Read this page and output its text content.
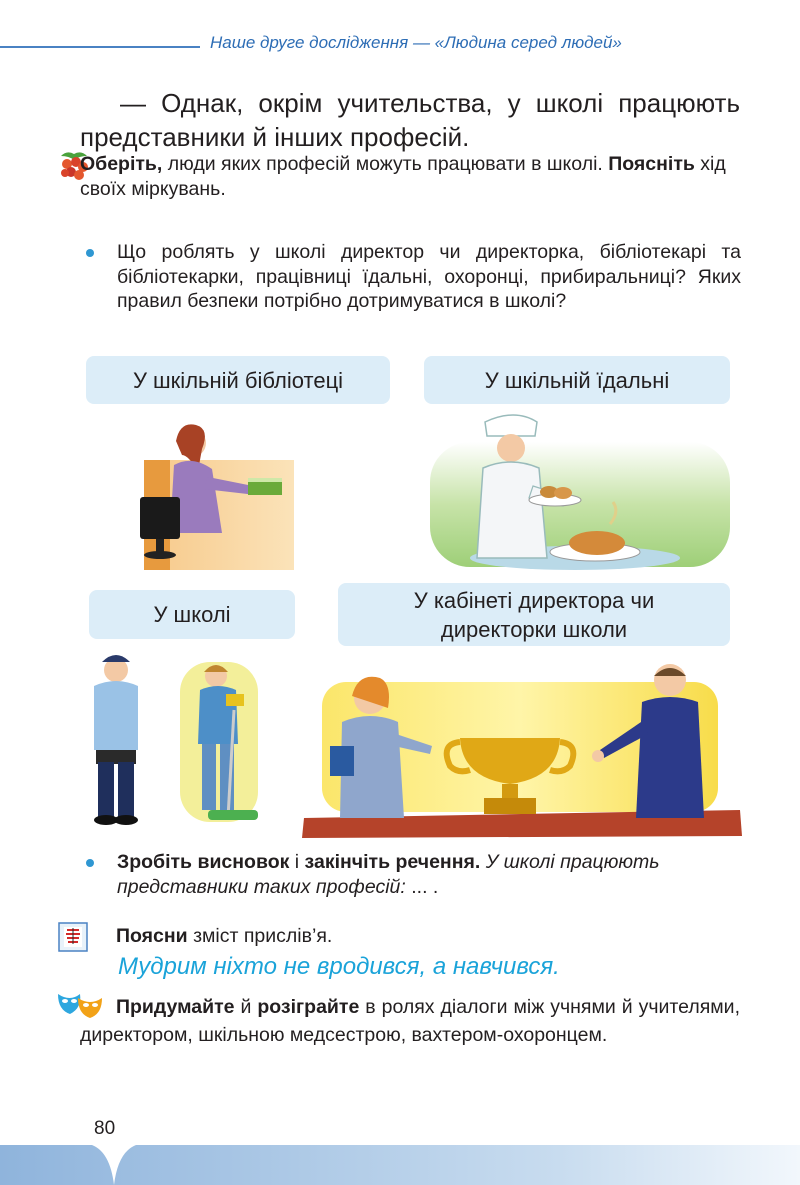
Наше друге дослідження — «Людина серед людей»
— Однак, окрім учительства, у школі працюють представники й інших професій.
Оберіть, люди яких професій можуть працювати в школі. Поясніть хід своїх міркувань.
Що роблять у школі директор чи директорка, бібліотекарі та бібліотекарки, працівниці їдальні, охоронці, прибиральниці? Яких правил безпеки потрібно дотримуватися в школі?
У шкільній бібліотеці	У шкільній їдальні
У школі
У кабінеті директора чи директорки школи
Зробіть висновок і закінчіть речення. У школі працюють представники таких професій: ... .
Поясни зміст прислів’я.
Мудрим ніхто не вродився, а навчився.
Придумайте й розіграйте в ролях діалоги між учнями й учителями, директором, шкільною медсестрою, вахтером-охоронцем.
80
